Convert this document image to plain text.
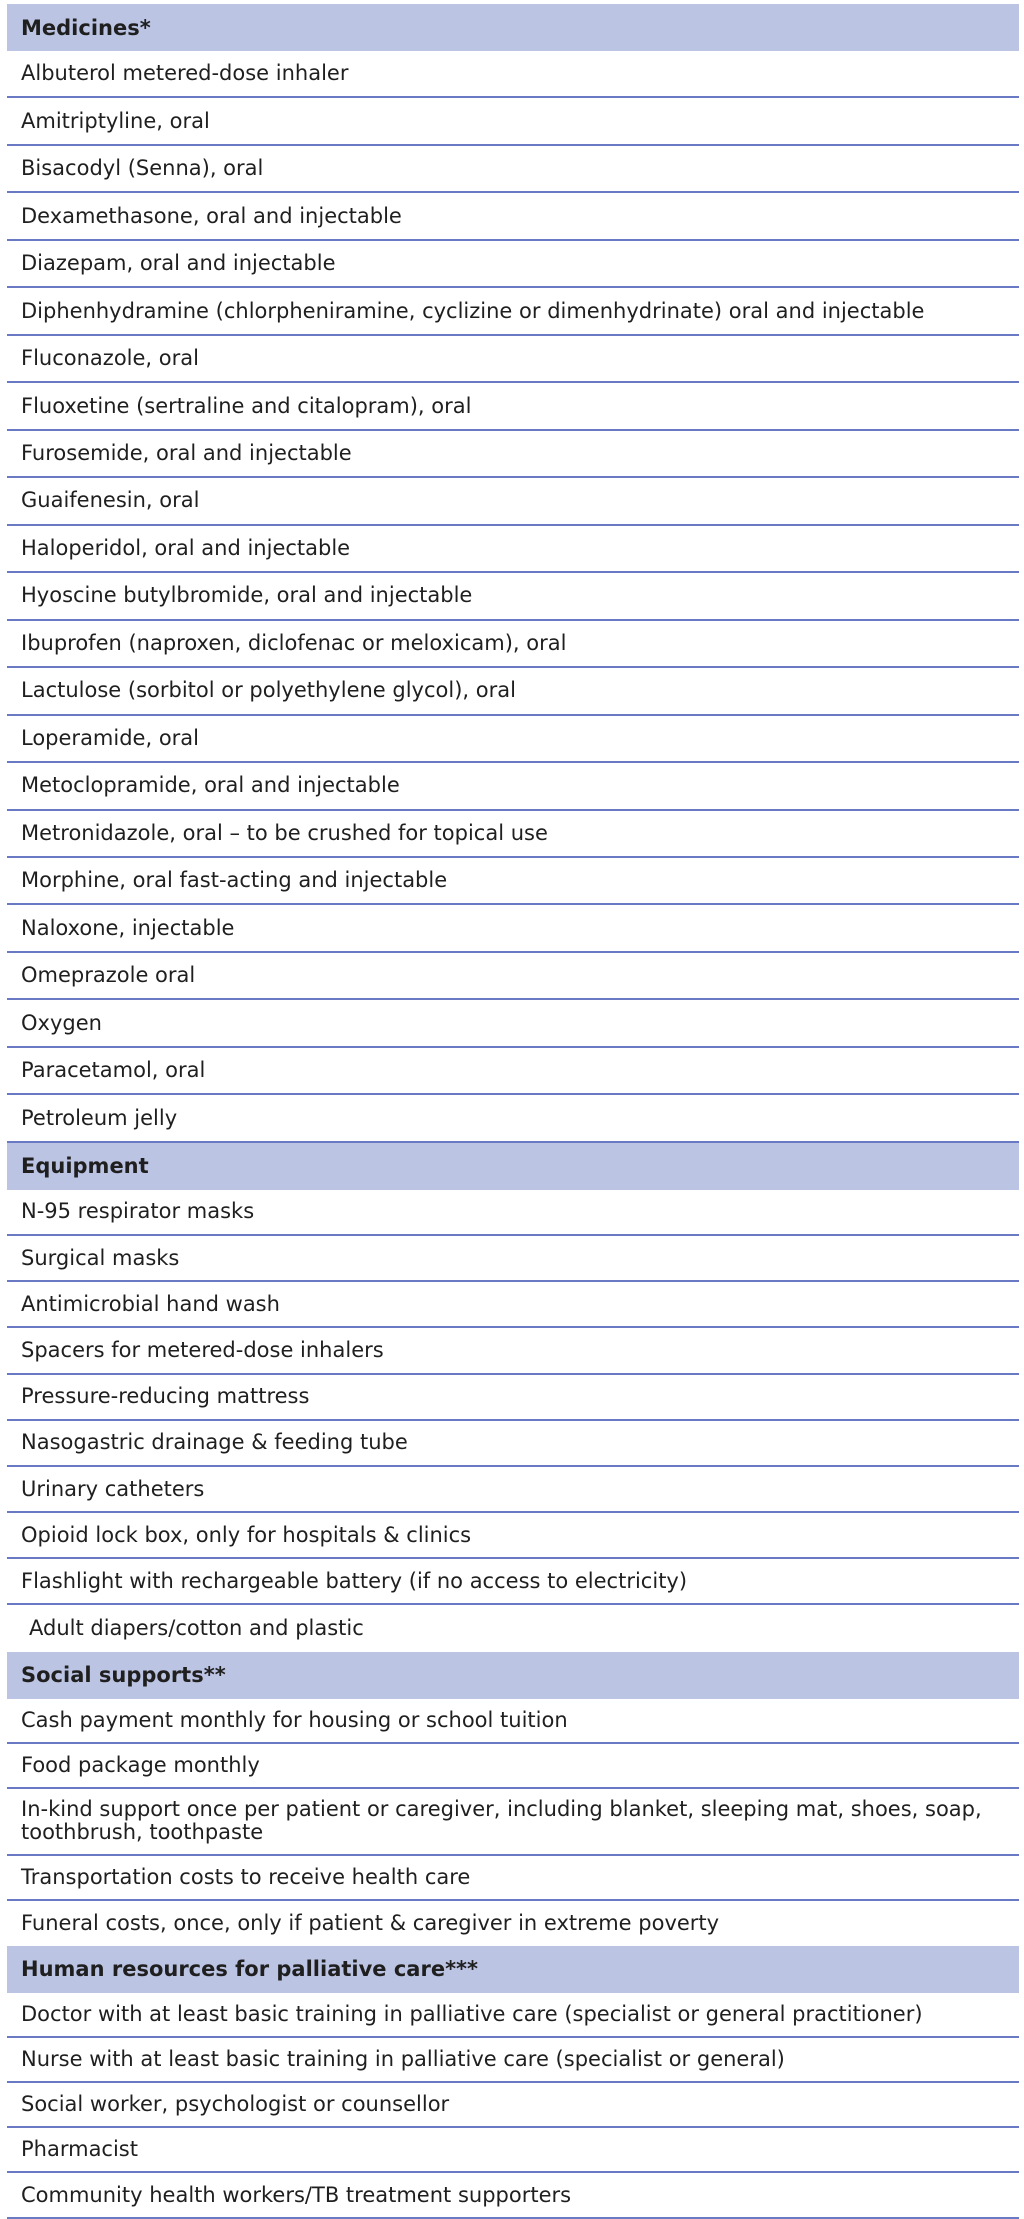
Medicines*
Albuterol metered-dose inhaler
Amitriptyline, oral
Bisacodyl (Senna), oral
Dexamethasone, oral and injectable
Diazepam, oral and injectable
Diphenhydramine (chlorpheniramine, cyclizine or dimenhydrinate) oral and injectable
Fluconazole, oral
Fluoxetine (sertraline and citalopram), oral
Furosemide, oral and injectable
Guaifenesin, oral
Haloperidol, oral and injectable
Hyoscine butylbromide, oral and injectable
Ibuprofen (naproxen, diclofenac or meloxicam), oral
Lactulose (sorbitol or polyethylene glycol), oral
Loperamide, oral
Metoclopramide, oral and injectable
Metronidazole, oral – to be crushed for topical use
Morphine, oral fast-acting and injectable
Naloxone, injectable
Omeprazole oral
Oxygen
Paracetamol, oral
Petroleum jelly
Equipment
N-95 respirator masks
Surgical masks
Antimicrobial hand wash
Spacers for metered-dose inhalers
Pressure-reducing mattress
Nasogastric drainage & feeding tube
Urinary catheters
Opioid lock box, only for hospitals & clinics
Flashlight with rechargeable battery (if no access to electricity)
Adult diapers/cotton and plastic
Social supports**
Cash payment monthly for housing or school tuition
Food package monthly
In-kind support once per patient or caregiver, including blanket, sleeping mat, shoes, soap, toothbrush, toothpaste
Transportation costs to receive health care
Funeral costs, once, only if patient & caregiver in extreme poverty
Human resources for palliative care***
Doctor with at least basic training in palliative care (specialist or general practitioner)
Nurse with at least basic training in palliative care (specialist or general)
Social worker, psychologist or counsellor
Pharmacist
Community health workers/TB treatment supporters
